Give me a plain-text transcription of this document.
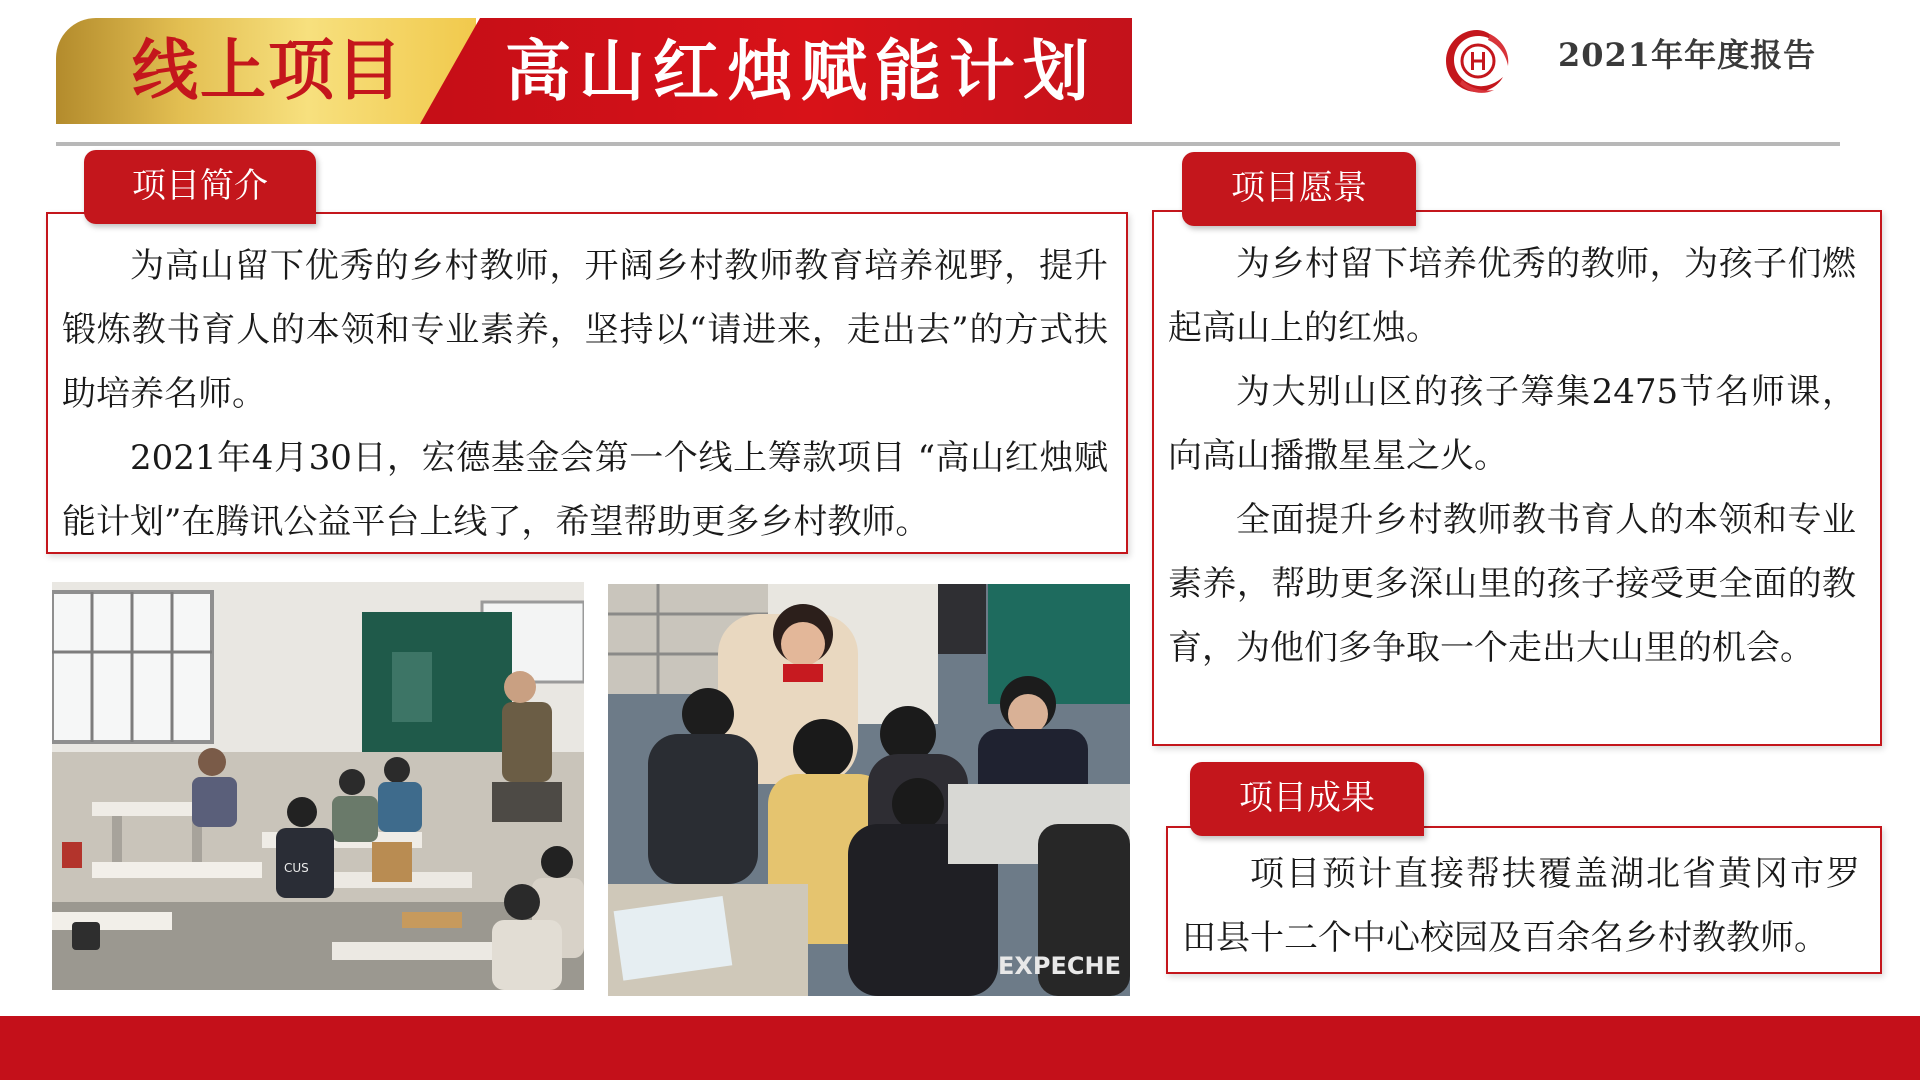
线上项目 高山红烛赋能计划	2021年年度报告

为高山留下优秀的乡村教师，开阔乡村教师教育培养视野，提升锻炼教书育人的本领和专业素养，坚持以“请进来，走出去”的方式扶助培养名师。

2021年4月30日，宏德基金会第一个线上筹款项目 “高山红烛赋能计划”在腾讯公益平台上线了，希望帮助更多乡村教师。

项目简介

为乡村留下培养优秀的教师，为孩子们燃起高山上的红烛。

为大别山区的孩子筹集2475节名师课，向高山播撒星星之火。

全面提升乡村教师教书育人的本领和专业素养，帮助更多深山里的孩子接受更全面的教育，为他们多争取一个走出大山里的机会。

项目愿景

项目预计直接帮扶覆盖湖北省黄冈市罗田县十二个中心校园及百余名乡村教教师。

项目成果
CUS
EXPECHE
